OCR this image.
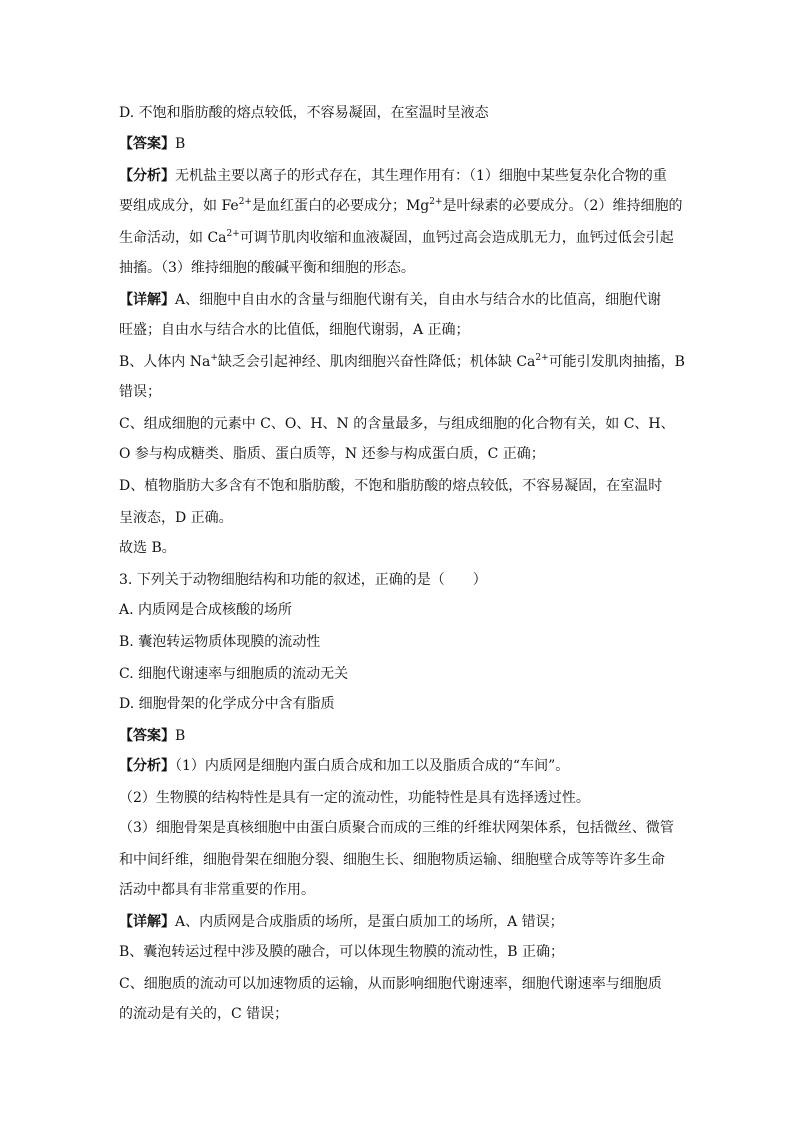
D. 不饱和脂肪酸的熔点较低，不容易凝固，在室温时呈液态
【答案】B
【分析】无机盐主要以离子的形式存在，其生理作用有：（1）细胞中某些复杂化合物的重
要组成成分，如 $Fe^{2+}$是血红蛋白的必要成分；$Mg^{2+}$是叶绿素的必要成分。（2）维持细胞的
生命活动，如 $Ca^{2+}$可调节肌肉收缩和血液凝固，血钙过高会造成肌无力，血钙过低会引起
抽搐。（3）维持细胞的酸碱平衡和细胞的形态。
【详解】A、细胞中自由水的含量与细胞代谢有关，自由水与结合水的比值高，细胞代谢
旺盛；自由水与结合水的比值低，细胞代谢弱，A 正确；
B、人体内 Na+缺乏会引起神经、肌肉细胞兴奋性降低；机体缺 $Ca^{2+}$可能引发肌肉抽搐，B
错误；
C、组成细胞的元素中 C、O、H、N 的含量最多，与组成细胞的化合物有关，如 C、H、
O 参与构成糖类、脂质、蛋白质等，N 还参与构成蛋白质，C 正确；
D、植物脂肪大多含有不饱和脂肪酸，不饱和脂肪酸的熔点较低，不容易凝固，在室温时
呈液态，D 正确。
故选 B。
3. 下列关于动物细胞结构和功能的叙述，正确的是（　　）
A. 内质网是合成核酸的场所
B. 囊泡转运物质体现膜的流动性
C. 细胞代谢速率与细胞质的流动无关
D. 细胞骨架的化学成分中含有脂质
【答案】B
【分析】（1）内质网是细胞内蛋白质合成和加工以及脂质合成的“车间”。
（2）生物膜的结构特性是具有一定的流动性，功能特性是具有选择透过性。
（3）细胞骨架是真核细胞中由蛋白质聚合而成的三维的纤维状网架体系，包括微丝、微管
和中间纤维，细胞骨架在细胞分裂、细胞生长、细胞物质运输、细胞壁合成等等许多生命
活动中都具有非常重要的作用。
【详解】A、内质网是合成脂质的场所，是蛋白质加工的场所，A 错误；
B、囊泡转运过程中涉及膜的融合，可以体现生物膜的流动性，B 正确；
C、细胞质的流动可以加速物质的运输，从而影响细胞代谢速率，细胞代谢速率与细胞质
的流动是有关的，C 错误；
